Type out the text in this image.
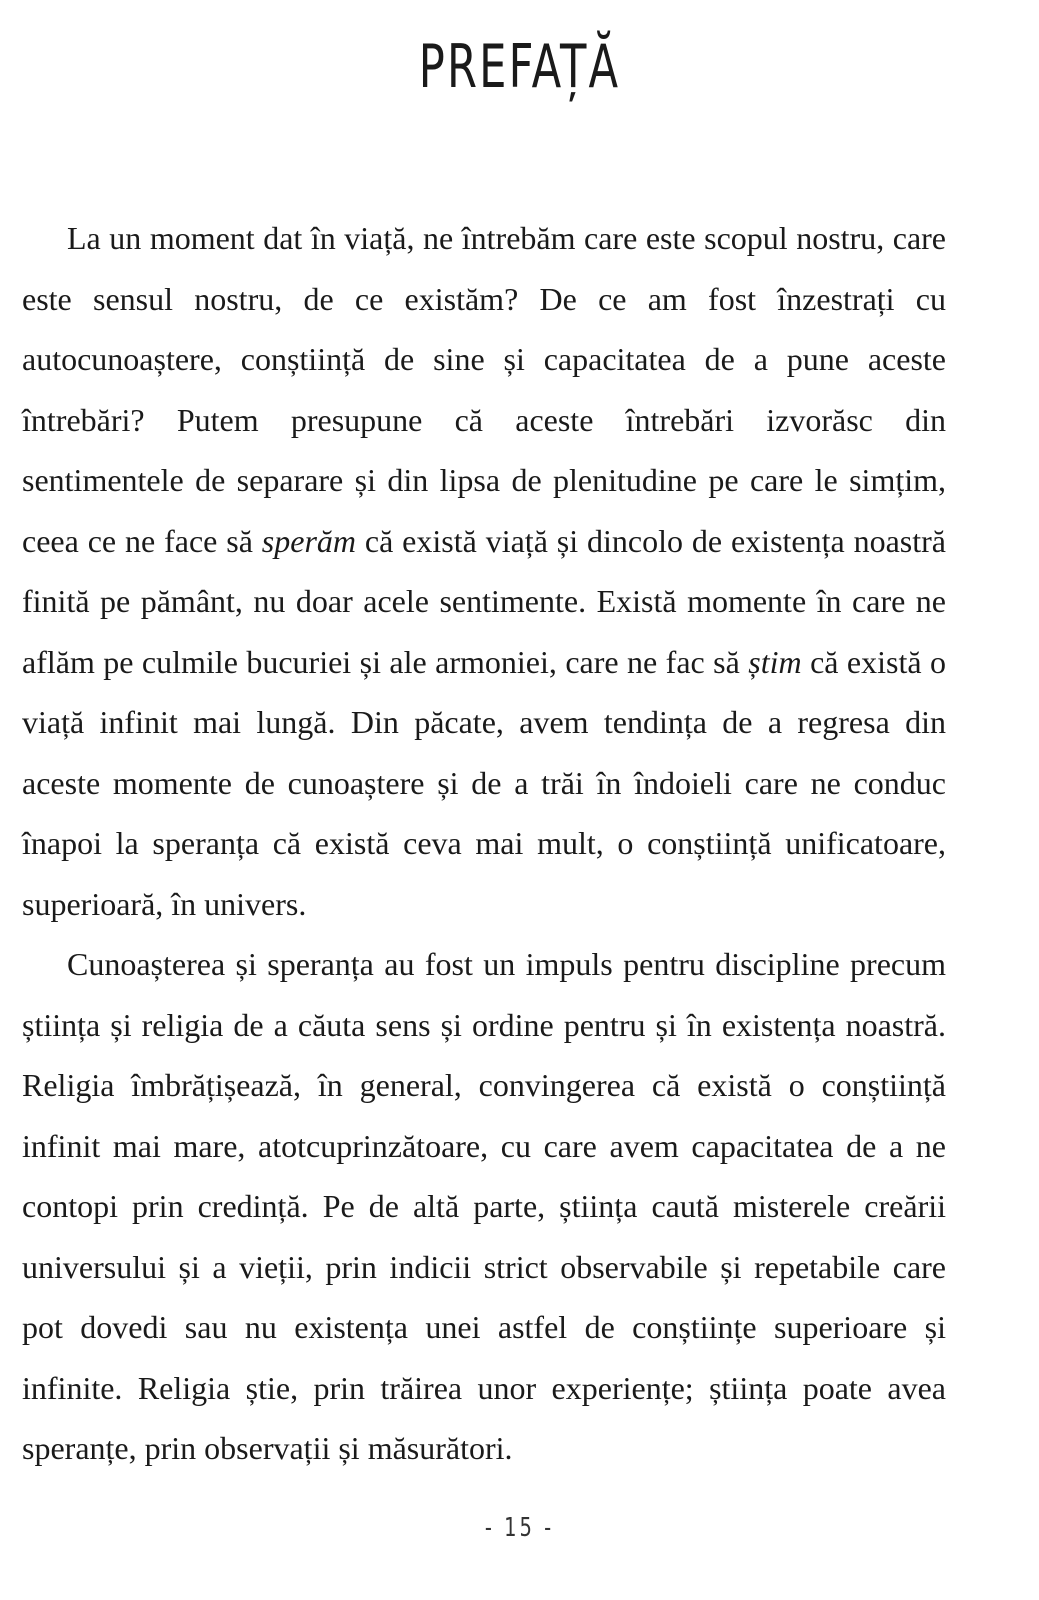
PREFAȚĂ

La un moment dat în viață, ne întrebăm care este scopul nostru, care este sensul nostru, de ce existăm? De ce am fost înzestrați cu autocunoaștere, conștiință de sine și capacitatea de a pune aceste întrebări? Putem presupune că aceste întrebări izvorăsc din sentimentele de separare și din lipsa de plenitudine pe care le simțim, ceea ce ne face să sperăm că există viață și dincolo de existența noastră finită pe pământ, nu doar acele sentimente. Există momente în care ne aflăm pe culmile bucuriei și ale armoniei, care ne fac să știm că există o viață infinit mai lungă. Din păcate, avem tendința de a regresa din aceste momente de cunoaștere și de a trăi în îndoieli care ne conduc înapoi la speranța că există ceva mai mult, o conștiință unificatoare, superioară, în univers.

Cunoașterea și speranța au fost un impuls pentru discipline precum știința și religia de a căuta sens și ordine pentru și în existența noastră. Religia îmbrățișează, în general, convingerea că există o conștiință infinit mai mare, atotcuprinzătoare, cu care avem capacitatea de a ne contopi prin credință. Pe de altă parte, știința caută misterele creării universului și a vieții, prin indicii strict observabile și repetabile care pot dovedi sau nu existența unei astfel de conștiințe superioare și infinite. Religia știe, prin trăirea unor experiențe; știința poate avea speranțe, prin observații și măsurători.

- 15 -
